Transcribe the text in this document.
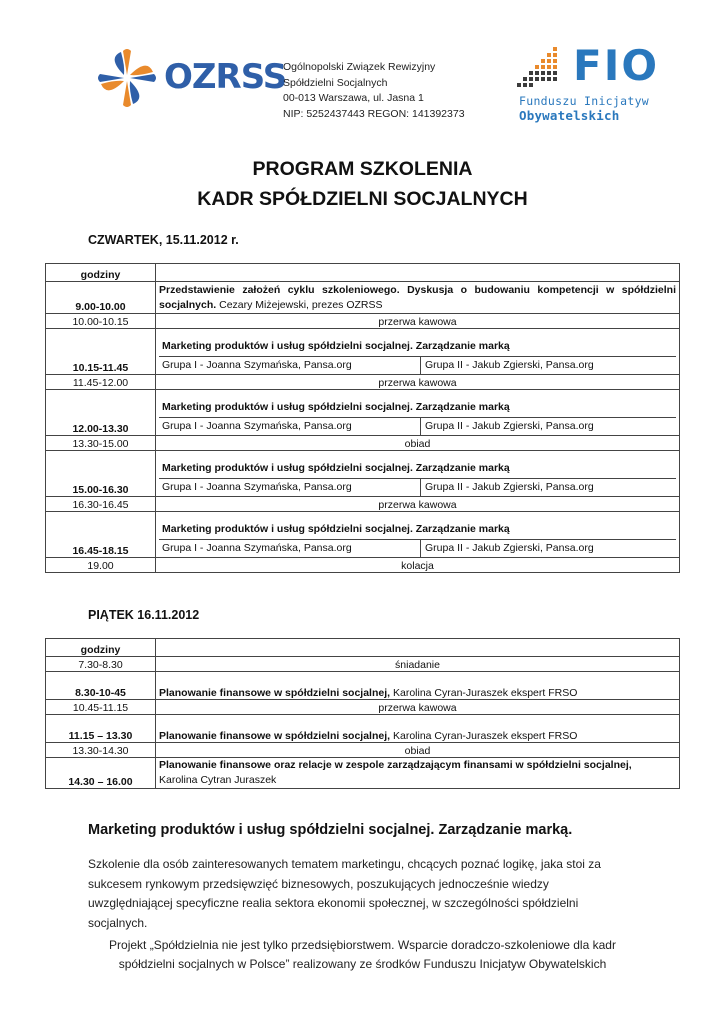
OZRSS
Ogólnopolski Związek Rewizyjny
Spółdzielni Socjalnych
00-013 Warszawa, ul. Jasna 1
NIP: 5252437443 REGON: 141392373
FIO
Funduszu Inicjatyw
Obywatelskich
PROGRAM SZKOLENIA
KADR SPÓŁDZIELNI SOCJALNYCH
CZWARTEK, 15.11.2012 r.
godziny	
9.00-10.00	Przedstawienie założeń cyklu szkoleniowego. Dyskusja o budowaniu kompetencji w spółdzielni socjalnych. Cezary Miżejewski, prezes OZRSS
10.00-10.15	przerwa kawowa
10.15-11.45	Marketing produktów i usług spółdzielni socjalnej. Zarządzanie marką
Grupa I - Joanna Szymańska, Pansa.org Grupa II - Jakub Zgierski, Pansa.org

11.45-12.00	przerwa kawowa
12.00-13.30	Marketing produktów i usług spółdzielni socjalnej. Zarządzanie marką
Grupa I - Joanna Szymańska, Pansa.org Grupa II - Jakub Zgierski, Pansa.org

13.30-15.00	obiad
15.00-16.30	Marketing produktów i usług spółdzielni socjalnej. Zarządzanie marką
Grupa I - Joanna Szymańska, Pansa.org Grupa II - Jakub Zgierski, Pansa.org

16.30-16.45	przerwa kawowa
16.45-18.15	Marketing produktów i usług spółdzielni socjalnej. Zarządzanie marką
Grupa I - Joanna Szymańska, Pansa.org Grupa II - Jakub Zgierski, Pansa.org

19.00	kolacja
PIĄTEK 16.11.2012
godziny	
7.30-8.30	śniadanie
8.30-10-45	Planowanie finansowe w spółdzielni socjalnej, Karolina Cyran-Juraszek ekspert FRSO
10.45-11.15	przerwa kawowa
11.15 – 13.30	Planowanie finansowe w spółdzielni socjalnej, Karolina Cyran-Juraszek ekspert FRSO
13.30-14.30	obiad
14.30 – 16.00	Planowanie finansowe oraz relacje w zespole zarządzającym finansami w spółdzielni socjalnej,
Karolina Cytran Juraszek
Marketing produktów i usług spółdzielni socjalnej. Zarządzanie marką.
Szkolenie dla osób zainteresowanych tematem marketingu, chcących poznać logikę, jaka stoi za sukcesem rynkowym przedsięwzięć biznesowych, poszukujących jednocześnie wiedzy uwzględniającej specyficzne realia sektora ekonomii społecznej, w szczególności spółdzielni socjalnych.
Projekt „Spółdzielnia nie jest tylko przedsiębiorstwem. Wsparcie doradczo-szkoleniowe dla kadr
spółdzielni socjalnych w Polsce” realizowany ze środków Funduszu Inicjatyw Obywatelskich
